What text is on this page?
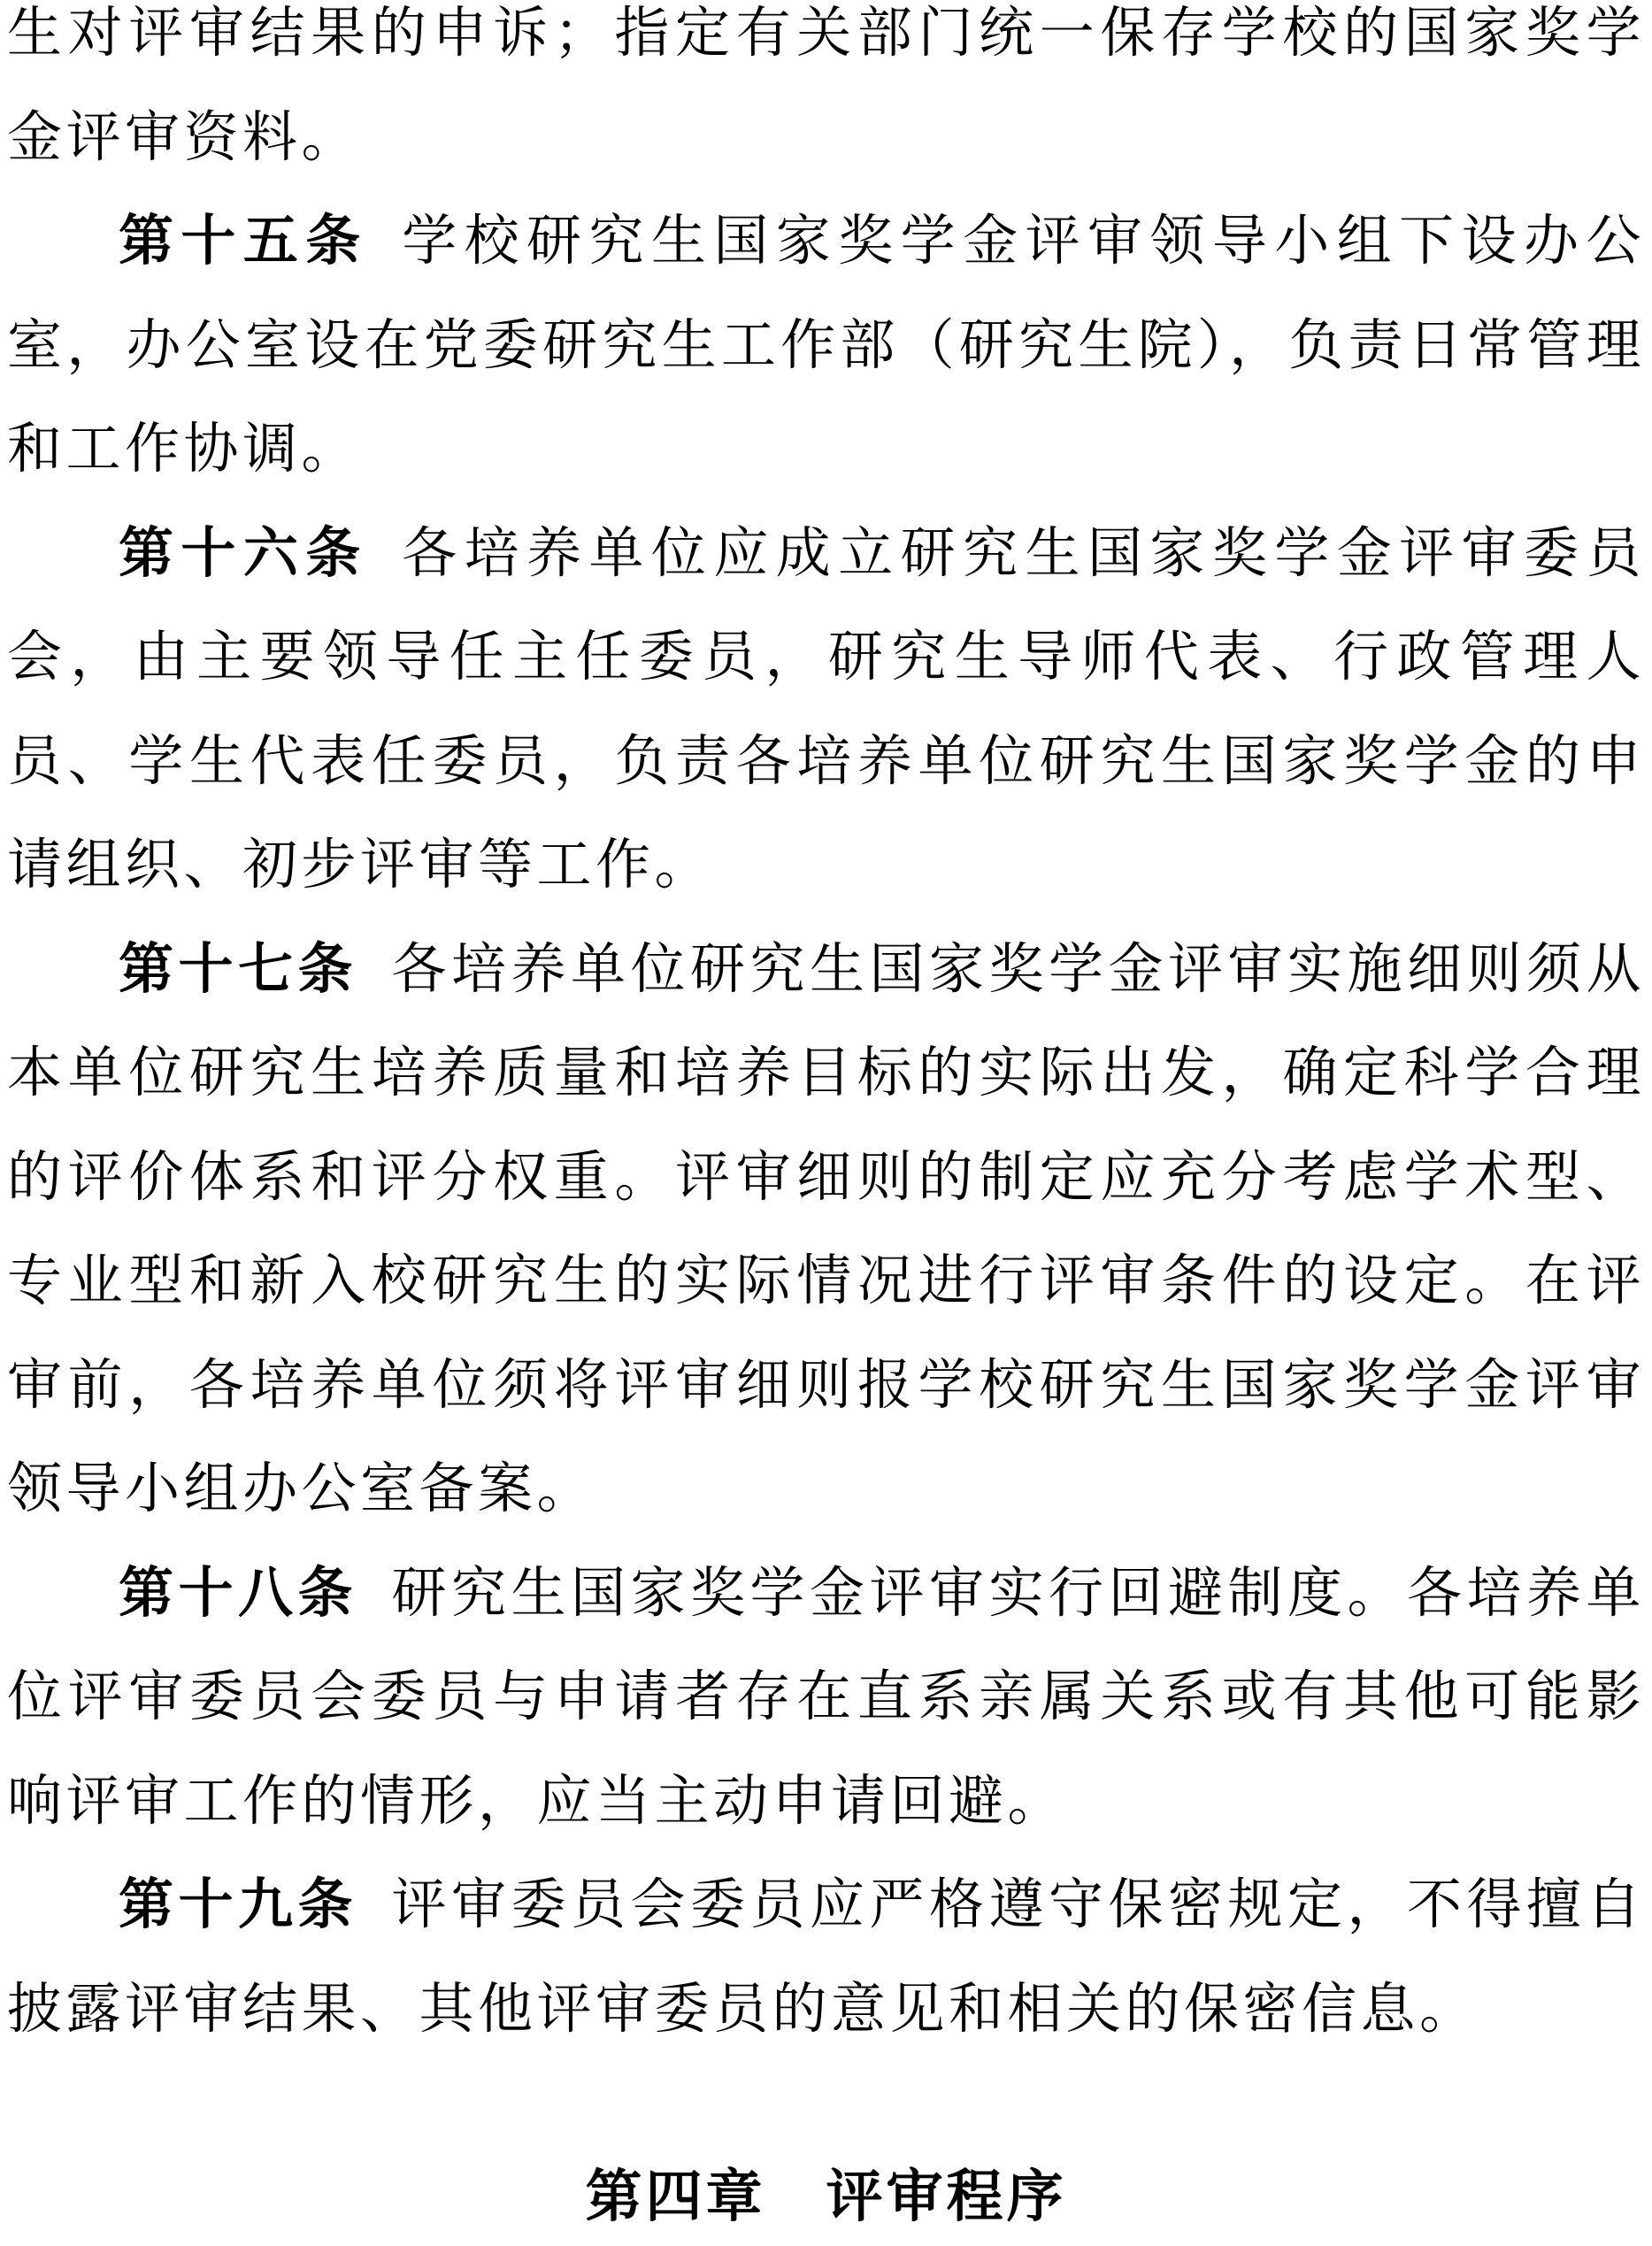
生对评审结果的申诉；指定有关部门统一保存学校的国家奖学金评审资料。

第十五条 学校研究生国家奖学金评审领导小组下设办公室，办公室设在党委研究生工作部（研究生院），负责日常管理和工作协调。

第十六条 各培养单位应成立研究生国家奖学金评审委员会，由主要领导任主任委员，研究生导师代表、行政管理人员、学生代表任委员，负责各培养单位研究生国家奖学金的申请组织、初步评审等工作。

第十七条 各培养单位研究生国家奖学金评审实施细则须从本单位研究生培养质量和培养目标的实际出发，确定科学合理的评价体系和评分权重。评审细则的制定应充分考虑学术型、专业型和新入校研究生的实际情况进行评审条件的设定。在评审前，各培养单位须将评审细则报学校研究生国家奖学金评审领导小组办公室备案。

第十八条 研究生国家奖学金评审实行回避制度。各培养单位评审委员会委员与申请者存在直系亲属关系或有其他可能影响评审工作的情形，应当主动申请回避。

第十九条 评审委员会委员应严格遵守保密规定，不得擅自披露评审结果、其他评审委员的意见和相关的保密信息。

第四章　评审程序
